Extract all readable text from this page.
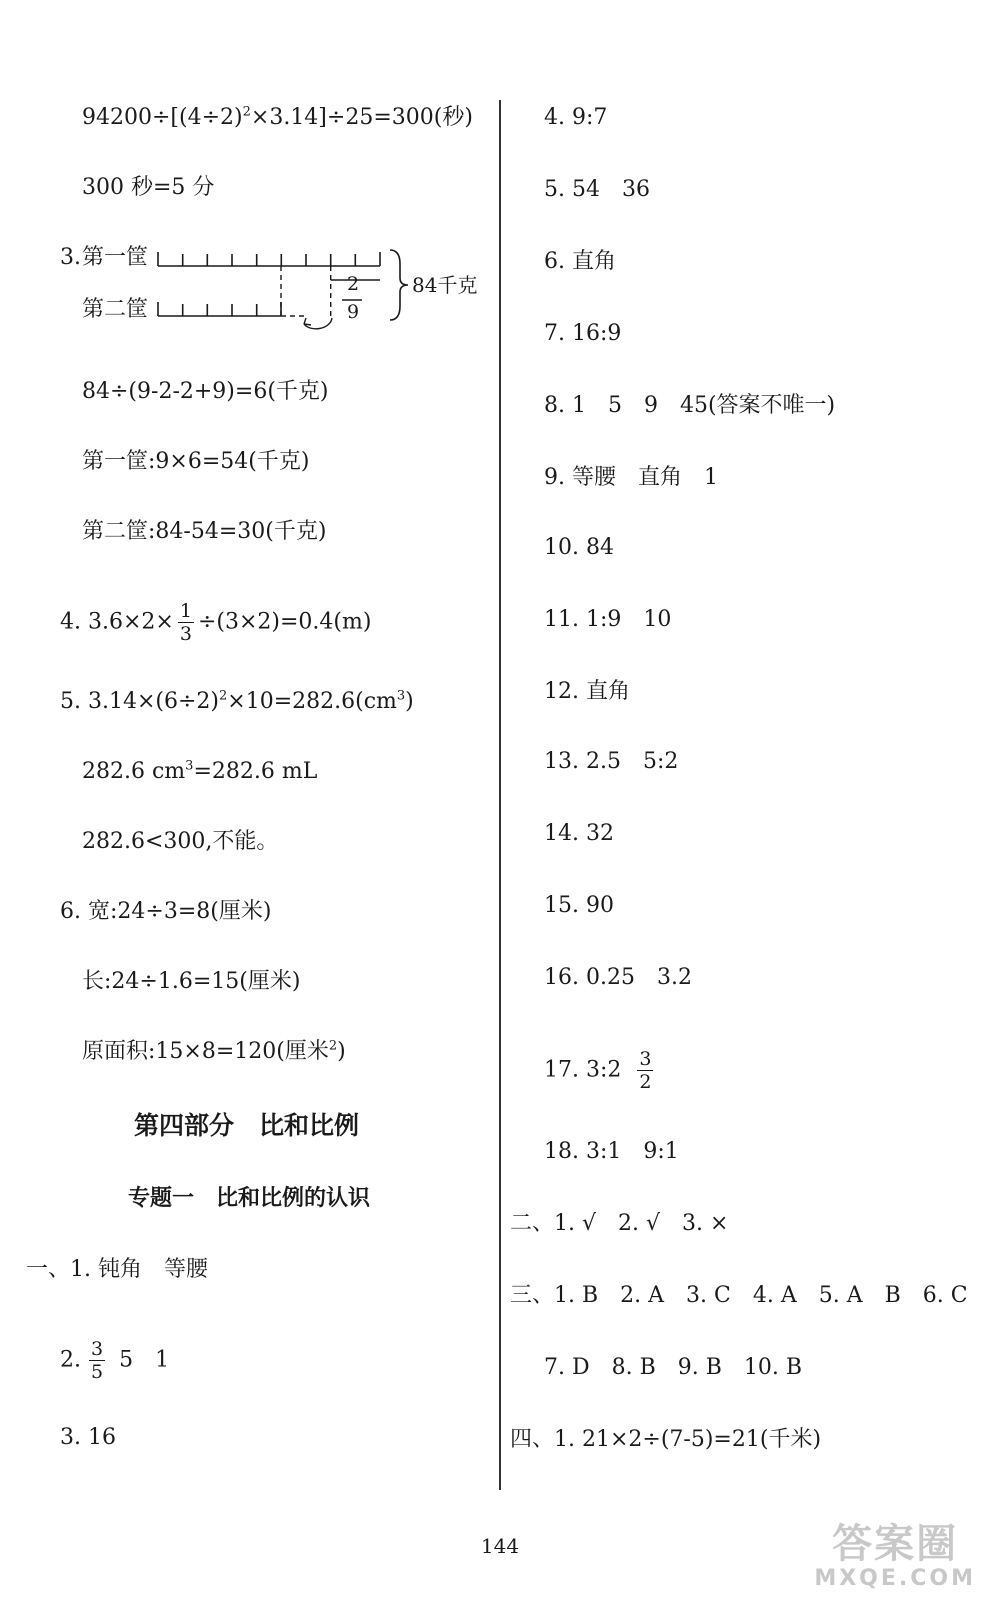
$94200\div[(4\div 2)^2\times 3.14]\div 25=300$(秒)
300 秒=5 分
3. 第一筐
第二筐
2
9
84千克
84÷(9-2-2+9)=6(千克)
第一筐:9×6=54(千克)
第二筐:84-54=30(千克)
4. $3.6\times 2\times \frac{1}{3} \div(3\times 2)=0.4(m)$
5. $3.14\times(6\div 2)^2\times 10=282.6(cm^3)$
282.6 $cm^3=282.6$ mL
282.6<300,不能。
6. 宽:24÷3=8(厘米)
长:24÷1.6=15(厘米)
原面积:15×8=120(厘米$^2$)
第四部分　比和比例
专题一　比和比例的认识
一、1. 钝角　等腰
2. $\frac{3}{5} 5$　1
3. 16
4. 9:7
5. 54　36
6. 直角
7. 16:9
8. 1　5　9　45(答案不唯一)
9. 等腰　直角　1
10. 84
11. 1:9　10
12. 直角
13. 2.5　5:2
14. 32
15. 90
16. 0.25　3.2
17. 3:2 $\frac{3}{2}$
18. 3:1　9:1
二、1. √　2. √　3. ×
三、1. B　2. A　3. C　4. A　5. A　B　6. C
7. D　8. B　9. B　10. B
四、1. 21×2÷(7-5)=21(千米)
144	答案圈
MXQE.COM
